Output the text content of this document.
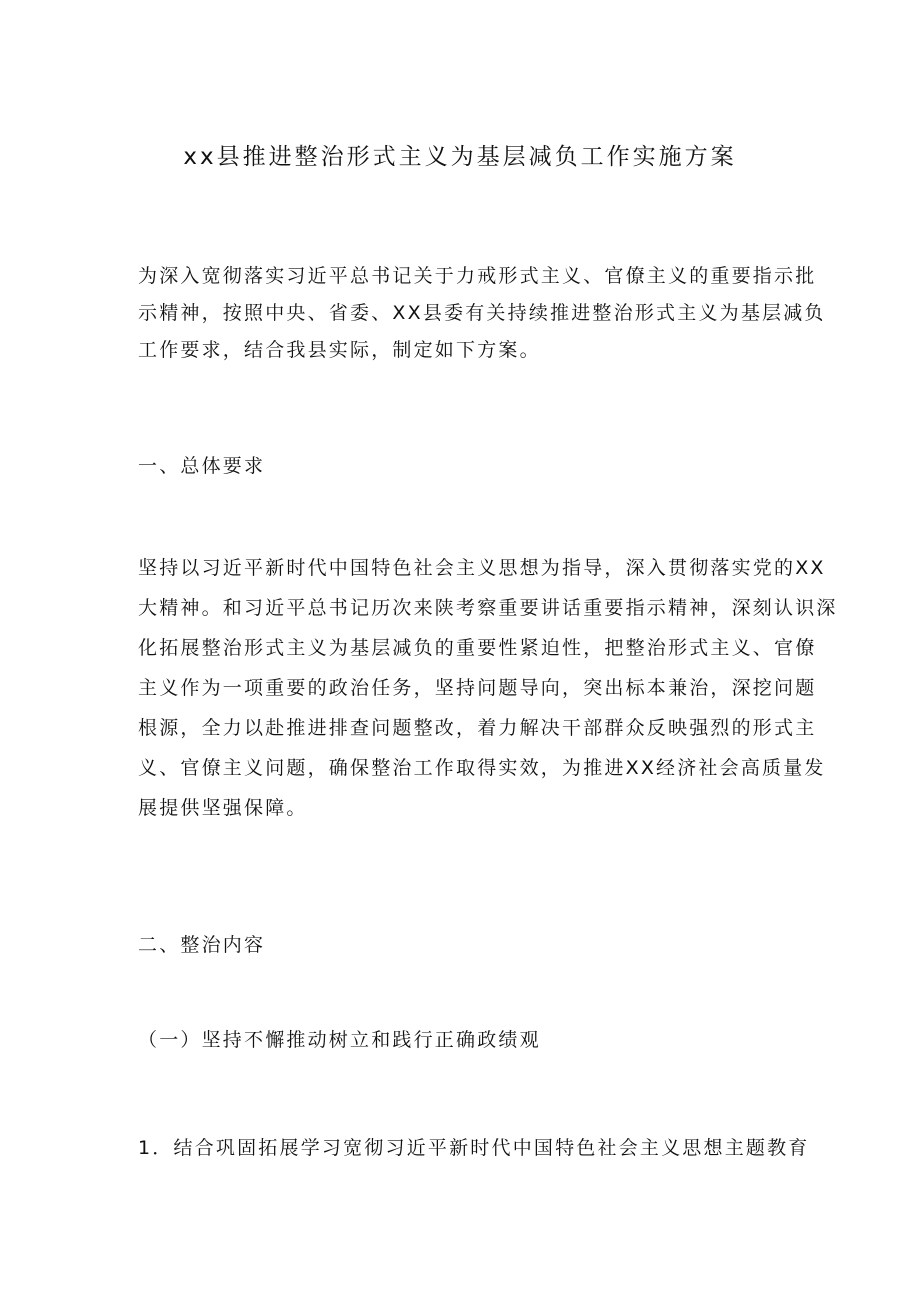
xx县推进整治形式主义为基层减负工作实施方案
为深入宽彻落实习近平总书记关于力戒形式主义、官僚主义的重要指示批
示精神，按照中央、省委、XX县委有关持续推进整治形式主义为基层减负
工作要求，结合我县实际，制定如下方案。
一、总体要求
坚持以习近平新时代中国特色社会主义思想为指导，深入贯彻落实党的XX
大精神。和习近平总书记历次来陕考察重要讲话重要指示精神，深刻认识深
化拓展整治形式主义为基层减负的重要性紧迫性，把整治形式主义、官僚
主义作为一项重要的政治任务，坚持问题导向，突出标本兼治，深挖问题
根源，全力以赴推进排查问题整改，着力解决干部群众反映强烈的形式主
义、官僚主义问题，确保整治工作取得实效，为推进XX经济社会高质量发
展提供坚强保障。
二、整治内容
（一）坚持不懈推动树立和践行正确政绩观
1．结合巩固拓展学习宽彻习近平新时代中国特色社会主义思想主题教育
